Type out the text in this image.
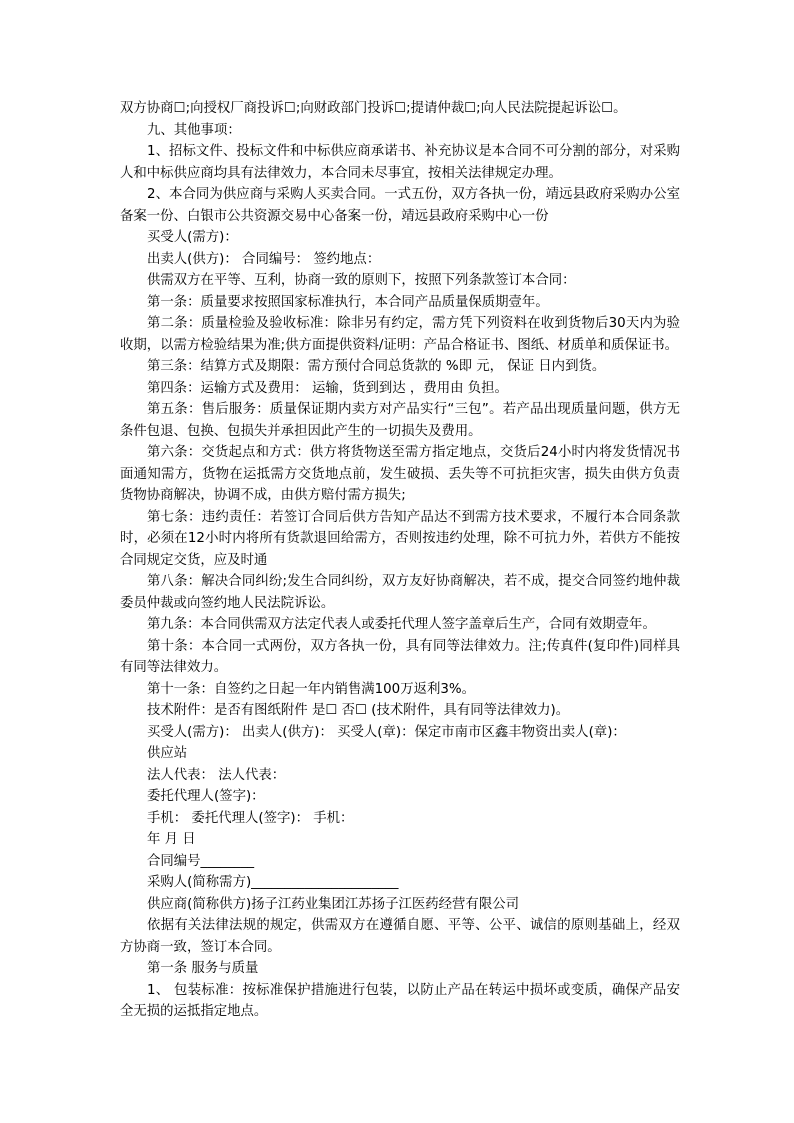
双方协商☐;向授权厂商投诉☐;向财政部门投诉☐;提请仲裁☐;向人民法院提起诉讼☐。

九、其他事项：

1、招标文件、投标文件和中标供应商承诺书、补充协议是本合同不可分割的部分，对采购人和中标供应商均具有法律效力，本合同未尽事宜，按相关法律规定办理。

2、本合同为供应商与采购人买卖合同。一式五份，双方各执一份，靖远县政府采购办公室备案一份、白银市公共资源交易中心备案一份，靖远县政府采购中心一份

买受人(需方)：

出卖人(供方)： 合同编号： 签约地点：

供需双方在平等、互利，协商一致的原则下，按照下列条款签订本合同：

第一条：质量要求按照国家标准执行，本合同产品质量保质期壹年。

第二条：质量检验及验收标准：除非另有约定，需方凭下列资料在收到货物后30天内为验收期，以需方检验结果为准;供方面提供资料/证明：产品合格证书、图纸、材质单和质保证书。

第三条：结算方式及期限：需方预付合同总货款的 %即 元， 保证 日内到货。

第四条：运输方式及费用： 运输，货到到达 ，费用由 负担。

第五条：售后服务：质量保证期内卖方对产品实行“三包”。若产品出现质量问题，供方无条件包退、包换、包损失并承担因此产生的一切损失及费用。

第六条：交货起点和方式：供方将货物送至需方指定地点，交货后24小时内将发货情况书面通知需方，货物在运抵需方交货地点前，发生破损、丢失等不可抗拒灾害，损失由供方负责货物协商解决，协调不成，由供方赔付需方损失;

第七条：违约责任：若签订合同后供方告知产品达不到需方技术要求，不履行本合同条款时，必须在12小时内将所有货款退回给需方，否则按违约处理，除不可抗力外，若供方不能按合同规定交货，应及时通

第八条：解决合同纠纷;发生合同纠纷，双方友好协商解决，若不成，提交合同签约地仲裁委员仲裁或向签约地人民法院诉讼。

第九条：本合同供需双方法定代表人或委托代理人签字盖章后生产，合同有效期壹年。

第十条：本合同一式两份，双方各执一份，具有同等法律效力。注;传真件(复印件)同样具有同等法律效力。

第十一条：自签约之日起一年内销售满100万返利3%。

技术附件：是否有图纸附件 是☐ 否☐ (技术附件，具有同等法律效力)。

买受人(需方)： 出卖人(供方)： 买受人(章)：保定市南市区鑫丰物资出卖人(章)：

供应站

法人代表： 法人代表：

委托代理人(签字)：

手机： 委托代理人(签字)： 手机：

年 月 日

合同编号________

采购人(简称需方)______________________

供应商(简称供方)扬子江药业集团江苏扬子江医药经营有限公司

依据有关法律法规的规定，供需双方在遵循自愿、平等、公平、诚信的原则基础上，经双方协商一致，签订本合同。

第一条 服务与质量

1、 包装标准：按标准保护措施进行包装，以防止产品在转运中损坏或变质，确保产品安全无损的运抵指定地点。
